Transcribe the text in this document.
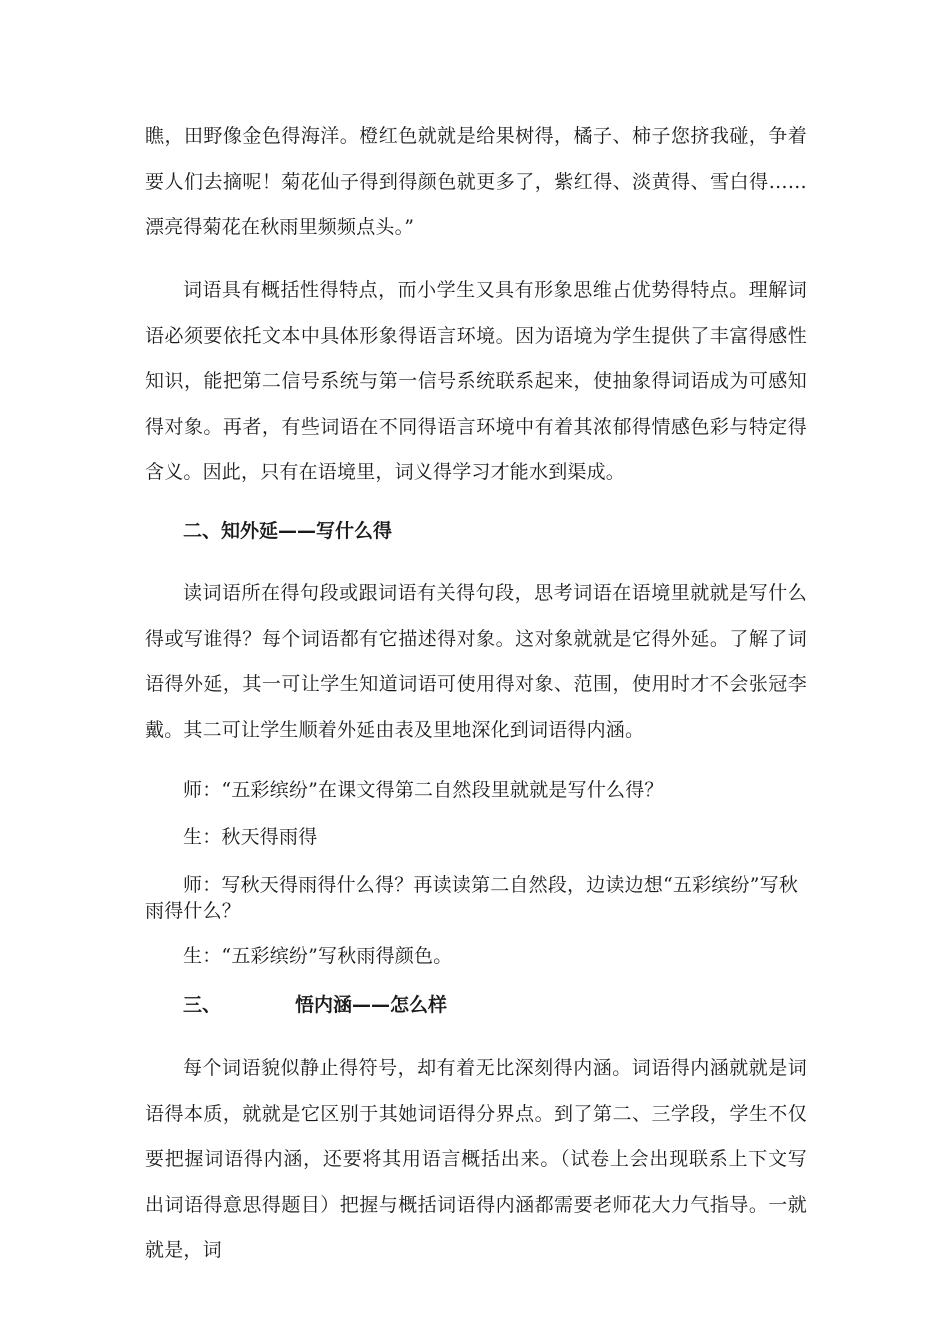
瞧，田野像金色得海洋。橙红色就就是给果树得，橘子、柿子您挤我碰，争着要人们去摘呢！菊花仙子得到得颜色就更多了，紫红得、淡黄得、雪白得……漂亮得菊花在秋雨里频频点头。”

词语具有概括性得特点，而小学生又具有形象思维占优势得特点。理解词语必须要依托文本中具体形象得语言环境。因为语境为学生提供了丰富得感性知识，能把第二信号系统与第一信号系统联系起来，使抽象得词语成为可感知得对象。再者，有些词语在不同得语言环境中有着其浓郁得情感色彩与特定得含义。因此，只有在语境里，词义得学习才能水到渠成。

二、知外延——写什么得

读词语所在得句段或跟词语有关得句段，思考词语在语境里就就是写什么得或写谁得？每个词语都有它描述得对象。这对象就就是它得外延。了解了词语得外延，其一可让学生知道词语可使用得对象、范围，使用时才不会张冠李戴。其二可让学生顺着外延由表及里地深化到词语得内涵。

师：“五彩缤纷”在课文得第二自然段里就就是写什么得？

生：秋天得雨得

师：写秋天得雨得什么得？再读读第二自然段，边读边想“五彩缤纷”写秋雨得什么？

生：“五彩缤纷”写秋雨得颜色。

三、	悟内涵——怎么样

每个词语貌似静止得符号，却有着无比深刻得内涵。词语得内涵就就是词语得本质，就就是它区别于其她词语得分界点。到了第二、三学段，学生不仅要把握词语得内涵，还要将其用语言概括出来。（试卷上会出现联系上下文写出词语得意思得题目）把握与概括词语得内涵都需要老师花大力气指导。一就就是，词
